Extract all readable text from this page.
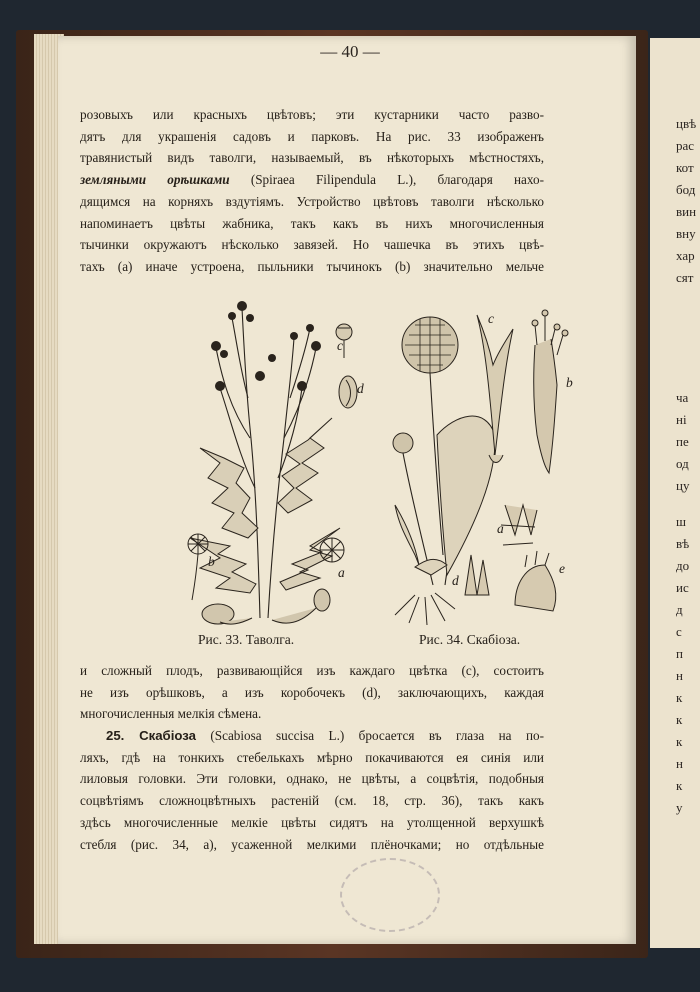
цвѣ
рас
кот
бод
вин
вну
хар
сят
ча
ні
пе
од
цу
ш
вѣ
до
ис
д
с
п
н
к
к
к
н
к
у
— 40 —
розовыхъ или красныхъ цвѣтовъ; эти кустарники часто разво-
дятъ для украшенія садовъ и парковъ. На рис. 33 изображенъ
травянистый видъ таволги, называемый, въ нѣкоторыхъ мѣстностяхъ,
земляными орѣшками (Spiraea Filipendula L.), благодаря нахо-
дящимся на корняхъ вздутіямъ. Устройство цвѣтовъ таволги нѣсколько
напоминаетъ цвѣты жабника, такъ какъ въ нихъ многочисленныя
тычинки окружаютъ нѣсколько завязей. Но чашечка въ этихъ цвѣ-
тахъ (a) иначе устроена, пыльники тычинокъ (b) значительно мельче
c
d
b
a
c
b
a
d
e
Рис. 33. Таволга.	Рис. 34. Скабіоза.
и сложный плодъ, развивающійся изъ каждаго цвѣтка (c), состоитъ
не изъ орѣшковъ, а изъ коробочекъ (d), заключающихъ, каждая
многочисленныя мелкія сѣмена.
25. Скабіоза (Scabiosa succisa L.) бросается въ глаза на по-
ляхъ, гдѣ на тонкихъ стебелькахъ мѣрно покачиваются ея синія или
лиловыя головки. Эти головки, однако, не цвѣты, а соцвѣтія, подобныя
соцвѣтіямъ сложноцвѣтныхъ растеній (см. 18, стр. 36), такъ какъ
здѣсь многочисленные мелкіе цвѣты сидятъ на утолщенной верхушкѣ
стебля (рис. 34, a), усаженной мелкими плёночками; но отдѣльные
